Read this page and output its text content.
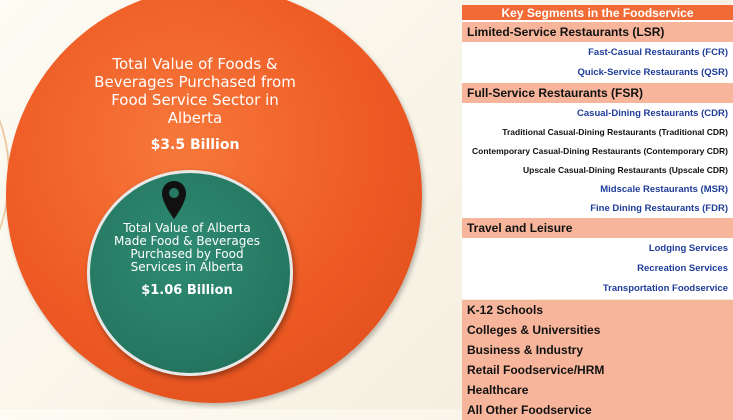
Total Value of Foods & Beverages Purchased from Food Service Sector in Alberta
$3.5 Billion
Total Value of Alberta Made Food & Beverages Purchased by Food Services in Alberta
$1.06 Billion
Key Segments in the Foodservice
Limited-Service Restaurants (LSR)
Fast-Casual Restaurants (FCR)
Quick-Service Restaurants (QSR)
Full-Service Restaurants (FSR)
Casual-Dining Restaurants (CDR)
Traditional Casual-Dining Restaurants (Traditional CDR)
Contemporary Casual-Dining Restaurants (Contemporary CDR)
Upscale Casual-Dining Restaurants (Upscale CDR)
Midscale Restaurants (MSR)
Fine Dining Restaurants (FDR)
Travel and Leisure
Lodging Services
Recreation Services
Transportation Foodservice
K-12 Schools
Colleges & Universities
Business & Industry
Retail Foodservice/HRM
Healthcare
All Other Foodservice
